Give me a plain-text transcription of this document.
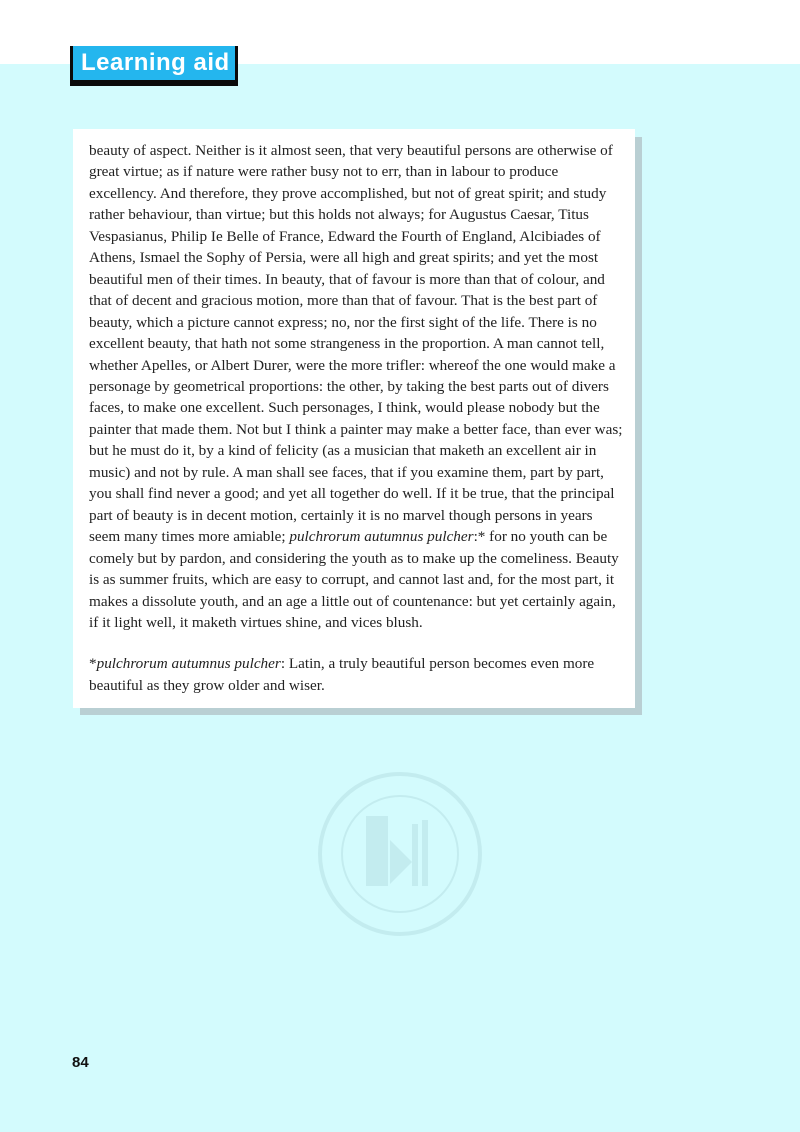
Learning aid

beauty of aspect. Neither is it almost seen, that very beautiful persons are otherwise of great virtue; as if nature were rather busy not to err, than in labour to produce excellency. And therefore, they prove accomplished, but not of great spirit; and study rather behaviour, than virtue; but this holds not always; for Augustus Caesar, Titus Vespasianus, Philip Ie Belle of France, Edward the Fourth of England, Alcibiades of Athens, Ismael the Sophy of Persia, were all high and great spirits; and yet the most beautiful men of their times. In beauty, that of favour is more than that of colour, and that of decent and gracious motion, more than that of favour. That is the best part of beauty, which a picture cannot express; no, nor the first sight of the life. There is no excellent beauty, that hath not some strangeness in the proportion. A man cannot tell, whether Apelles, or Albert Durer, were the more trifler: whereof the one would make a personage by geometrical proportions: the other, by taking the best parts out of divers faces, to make one excellent. Such personages, I think, would please nobody but the painter that made them. Not but I think a painter may make a better face, than ever was; but he must do it, by a kind of felicity (as a musician that maketh an excellent air in music) and not by rule. A man shall see faces, that if you examine them, part by part, you shall find never a good; and yet all together do well. If it be true, that the principal part of beauty is in decent motion, certainly it is no marvel though persons in years seem many times more amiable; pulchrorum autumnus pulcher:* for no youth can be comely but by pardon, and considering the youth as to make up the comeliness. Beauty is as summer fruits, which are easy to corrupt, and cannot last and, for the most part, it makes a dissolute youth, and an age a little out of countenance: but yet certainly again, if it light well, it maketh virtues shine, and vices blush.

*pulchrorum autumnus pulcher: Latin, a truly beautiful person becomes even more beautiful as they grow older and wiser.

84
